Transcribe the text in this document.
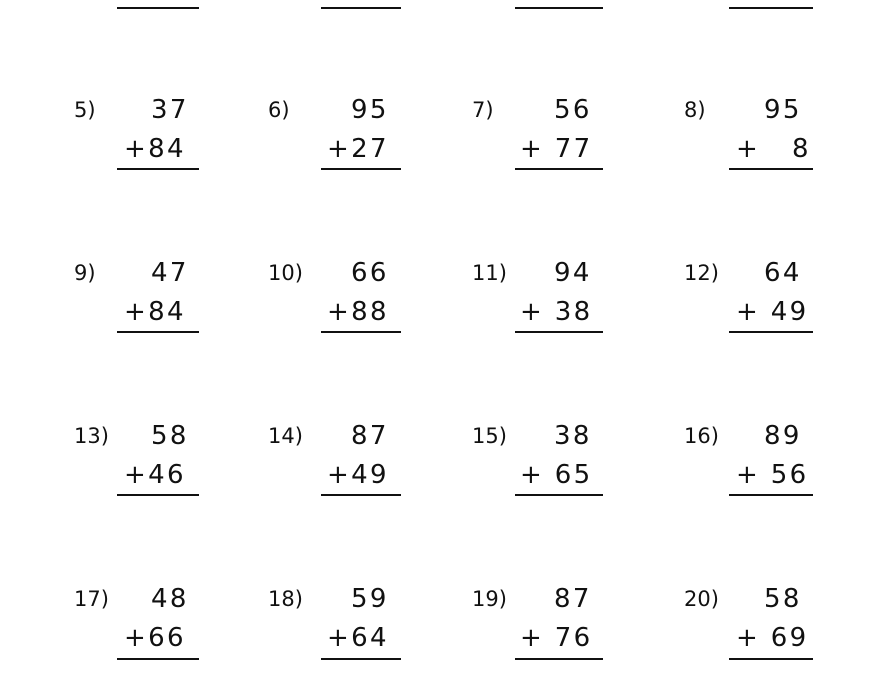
5) 37
+84
6) 95
+27
7) 56
+ 77
8) 95
+   8
9) 47
+84
10) 66
+88
11) 94
+ 38
12) 64
+ 49
13) 58
+46
14) 87
+49
15) 38
+ 65
16) 89
+ 56
17) 48
+66
18) 59
+64
19) 87
+ 76
20) 58
+ 69
